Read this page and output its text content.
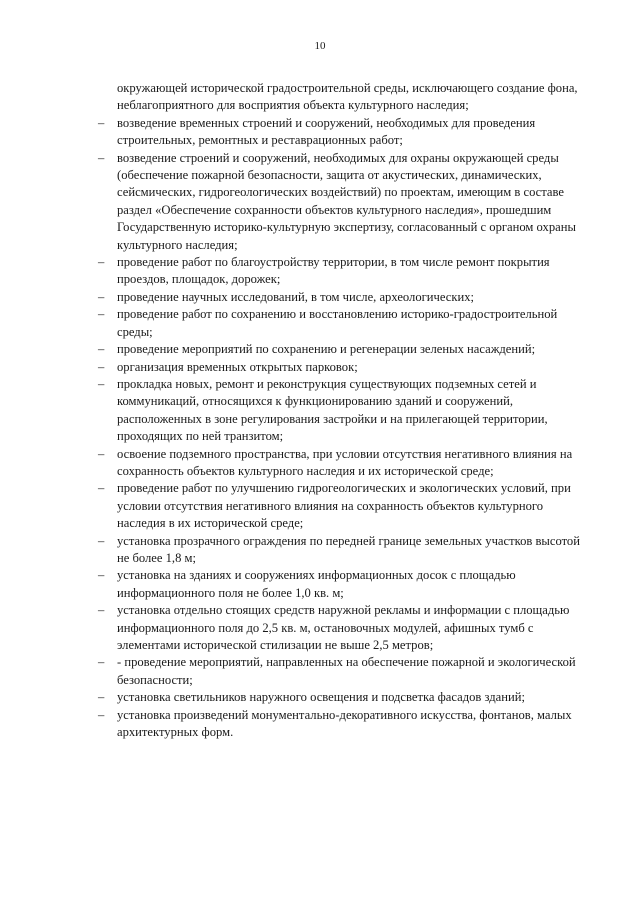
10
окружающей исторической градостроительной среды, исключающего создание фона,
неблагоприятного для восприятия объекта культурного наследия;
– возведение временных строений и сооружений, необходимых для проведения
строительных, ремонтных и реставрационных работ;
– возведение строений и сооружений, необходимых для охраны окружающей среды
(обеспечение пожарной безопасности, защита от акустических, динамических,
сейсмических, гидрогеологических воздействий) по проектам, имеющим в составе
раздел «Обеспечение сохранности объектов культурного наследия», прошедшим
Государственную историко-культурную экспертизу, согласованный с органом охраны
культурного наследия;
– проведение работ по благоустройству территории, в том числе ремонт покрытия
проездов, площадок, дорожек;
– проведение научных исследований, в том числе, археологических;
– проведение работ по сохранению и восстановлению историко-градостроительной
среды;
– проведение мероприятий по сохранению и регенерации зеленых насаждений;
– организация временных открытых парковок;
– прокладка новых, ремонт и реконструкция существующих подземных сетей и
коммуникаций, относящихся к функционированию зданий и сооружений,
расположенных в зоне регулирования застройки и на прилегающей территории,
проходящих по ней транзитом;
– освоение подземного пространства, при условии отсутствия негативного влияния на
сохранность объектов культурного наследия и их исторической среде;
– проведение работ по улучшению гидрогеологических и экологических условий, при
условии отсутствия негативного влияния на сохранность объектов культурного
наследия в их исторической среде;
– установка прозрачного ограждения по передней границе земельных участков высотой
не более 1,8 м;
– установка на зданиях и сооружениях информационных досок с площадью
информационного поля не более 1,0 кв. м;
– установка отдельно стоящих средств наружной рекламы и информации с площадью
информационного поля до 2,5 кв. м, остановочных модулей, афишных тумб с
элементами исторической стилизации не выше 2,5 метров;
– - проведение мероприятий, направленных на обеспечение пожарной и экологической
безопасности;
– установка светильников наружного освещения и подсветка фасадов зданий;
– установка произведений монументально-декоративного искусства, фонтанов, малых
архитектурных форм.
